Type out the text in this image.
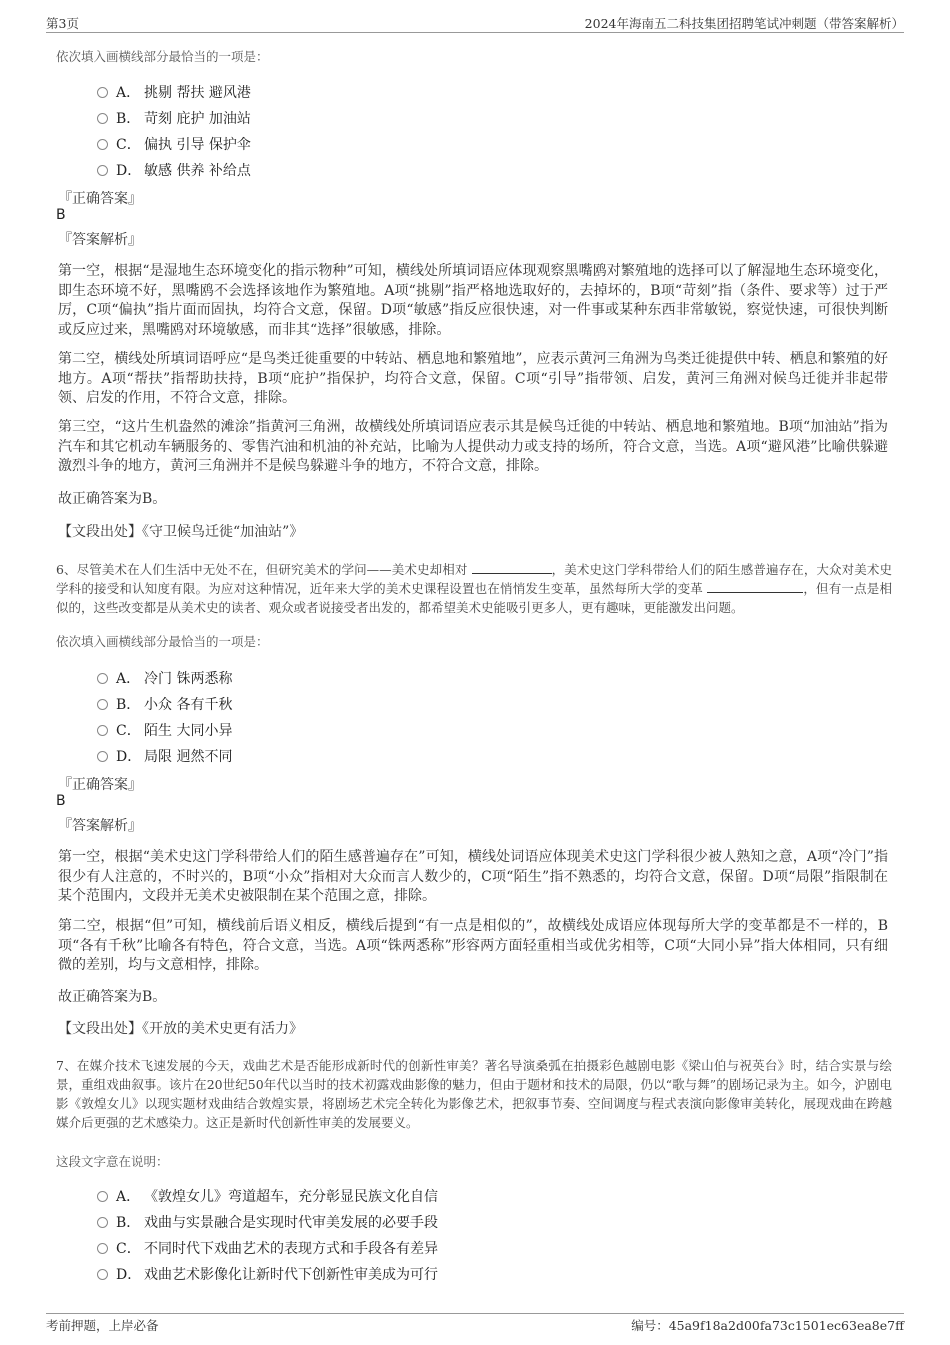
第3页	2024年海南五二科技集团招聘笔试冲刺题（带答案解析）
依次填入画横线部分最恰当的一项是：
A． 挑剔 帮扶 避风港
B． 苛刻 庇护 加油站
C． 偏执 引导 保护伞
D． 敏感 供养 补给点
『正确答案』
B
『答案解析』
第一空，根据“是湿地生态环境变化的指示物种”可知，横线处所填词语应体现观察黑嘴鸥对繁殖地的选择可以了解湿地生态环境变化，即生态环境不好，黑嘴鸥不会选择该地作为繁殖地。A项“挑剔”指严格地选取好的，去掉坏的，B项“苛刻”指（条件、要求等）过于严厉，C项“偏执”指片面而固执，均符合文意，保留。D项“敏感”指反应很快速，对一件事或某种东西非常敏锐，察觉快速，可很快判断或反应过来，黑嘴鸥对环境敏感，而非其“选择”很敏感，排除。
第二空，横线处所填词语呼应“是鸟类迁徙重要的中转站、栖息地和繁殖地”，应表示黄河三角洲为鸟类迁徙提供中转、栖息和繁殖的好地方。A项“帮扶”指帮助扶持，B项“庇护”指保护，均符合文意，保留。C项“引导”指带领、启发，黄河三角洲对候鸟迁徙并非起带领、启发的作用，不符合文意，排除。
第三空，“这片生机盎然的滩涂”指黄河三角洲，故横线处所填词语应表示其是候鸟迁徙的中转站、栖息地和繁殖地。B项“加油站”指为汽车和其它机动车辆服务的、零售汽油和机油的补充站，比喻为人提供动力或支持的场所，符合文意，当选。A项“避风港”比喻供躲避激烈斗争的地方，黄河三角洲并不是候鸟躲避斗争的地方，不符合文意，排除。
故正确答案为B。
【文段出处】《守卫候鸟迁徙“加油站”》
6、尽管美术在人们生活中无处不在，但研究美术的学问——美术史却相对	，美术史这门学科带给人们的陌生感普遍存在，大众对美术史学科的接受和认知度有限。为应对这种情况，近年来大学的美术史课程设置也在悄悄发生变革，虽然每所大学的变革	，但有一点是相似的，这些改变都是从美术史的读者、观众或者说接受者出发的，都希望美术史能吸引更多人，更有趣味，更能激发出问题。
依次填入画横线部分最恰当的一项是：
A． 冷门 铢两悉称
B． 小众 各有千秋
C． 陌生 大同小异
D． 局限 迥然不同
『正确答案』
B
『答案解析』
第一空，根据“美术史这门学科带给人们的陌生感普遍存在”可知，横线处词语应体现美术史这门学科很少被人熟知之意，A项“冷门”指很少有人注意的，不时兴的，B项“小众”指相对大众而言人数少的，C项“陌生”指不熟悉的，均符合文意，保留。D项“局限”指限制在某个范围内，文段并无美术史被限制在某个范围之意，排除。
第二空，根据“但”可知，横线前后语义相反，横线后提到“有一点是相似的”，故横线处成语应体现每所大学的变革都是不一样的，B项“各有千秋”比喻各有特色，符合文意，当选。A项“铢两悉称”形容两方面轻重相当或优劣相等，C项“大同小异”指大体相同，只有细微的差别，均与文意相悖，排除。
故正确答案为B。
【文段出处】《开放的美术史更有活力》
7、在媒介技术飞速发展的今天，戏曲艺术是否能形成新时代的创新性审美？著名导演桑弧在拍摄彩色越剧电影《梁山伯与祝英台》时，结合实景与绘景，重组戏曲叙事。该片在20世纪50年代以当时的技术初露戏曲影像的魅力，但由于题材和技术的局限，仍以“歌与舞”的剧场记录为主。如今，沪剧电影《敦煌女儿》以现实题材戏曲结合敦煌实景，将剧场艺术完全转化为影像艺术，把叙事节奏、空间调度与程式表演向影像审美转化，展现戏曲在跨越媒介后更强的艺术感染力。这正是新时代创新性审美的发展要义。
这段文字意在说明：
A． 《敦煌女儿》弯道超车，充分彰显民族文化自信
B． 戏曲与实景融合是实现时代审美发展的必要手段
C． 不同时代下戏曲艺术的表现方式和手段各有差异
D． 戏曲艺术影像化让新时代下创新性审美成为可行
考前押题，上岸必备	编号：45a9f18a2d00fa73c1501ec63ea8e7ff
